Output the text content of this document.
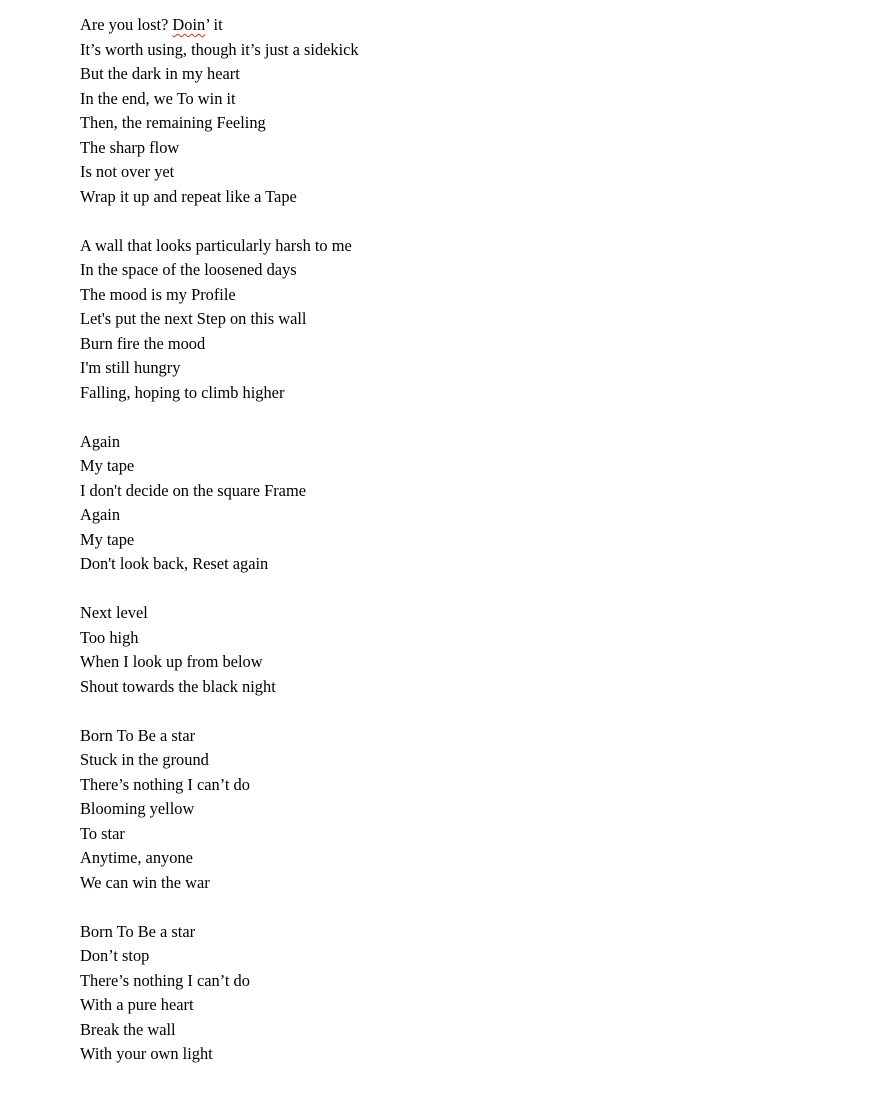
Are you lost? Doin’ it
It’s worth using, though it’s just a sidekick
But the dark in my heart
In the end, we To win it
Then, the remaining Feeling
The sharp flow
Is not over yet
Wrap it up and repeat like a Tape
A wall that looks particularly harsh to me
In the space of the loosened days
The mood is my Profile
Let's put the next Step on this wall
Burn fire the mood
I'm still hungry
Falling, hoping to climb higher
Again
My tape
I don't decide on the square Frame
Again
My tape
Don't look back, Reset again
Next level
Too high
When I look up from below
Shout towards the black night
Born To Be a star
Stuck in the ground
There’s nothing I can’t do
Blooming yellow
To star
Anytime, anyone
We can win the war
Born To Be a star
Don’t stop
There’s nothing I can’t do
With a pure heart
Break the wall
With your own light
